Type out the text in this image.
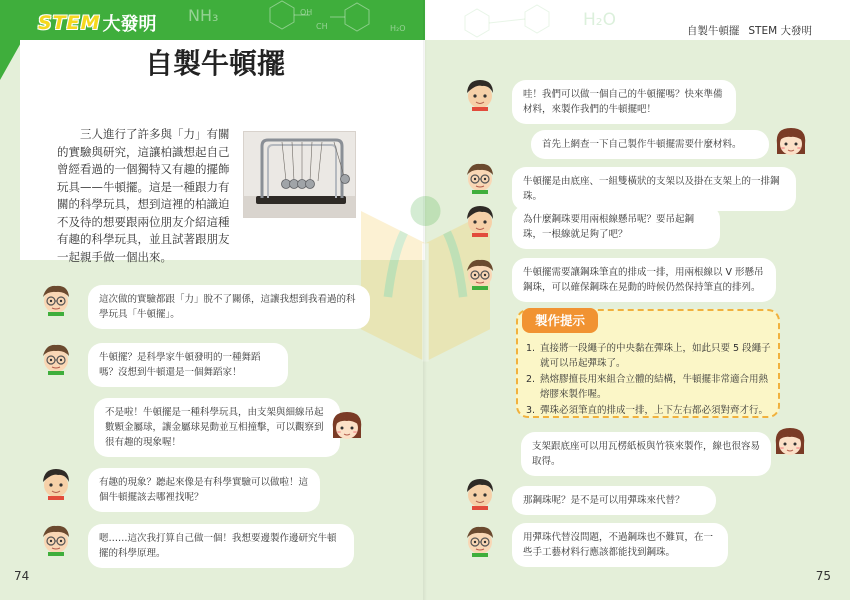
NH₃	OH
CH	H₂O
STEM 大發明
自製牛頓擺

三人進行了許多與「力」有關的實驗與研究，這讓柏識想起自己曾經看過的一個獨特又有趣的擺飾玩具——牛頓擺。這是一種跟力有關的科學玩具，想到這裡的柏識迫不及待的想要跟兩位朋友介紹這種有趣的科學玩具，並且試著跟朋友一起親手做一個出來。

74
H₂O
自製牛頓擺 STEM 大發明
75
這次做的實驗都跟「力」脫不了關係，這讓我想到我看過的科學玩具「牛頓擺」。
牛頓擺？是科學家牛頓發明的一種舞蹈嗎？沒想到牛頓還是一個舞蹈家！
不是啦！牛頓擺是一種科學玩具，由支架與細線吊起數顆金屬球，讓金屬球晃動並互相撞擊，可以觀察到很有趣的現象喔！
有趣的現象？聽起來像是有科學實驗可以做啦！這個牛頓擺該去哪裡找呢？
嗯……這次我打算自己做一個！我想要邊製作邊研究牛頓擺的科學原理。
哇！我們可以做一個自己的牛頓擺嗎？快來準備材料，來製作我們的牛頓擺吧！
首先上網查一下自己製作牛頓擺需要什麼材料。
牛頓擺是由底座、一組雙橫狀的支架以及掛在支架上的一排鋼珠。
為什麼鋼珠要用兩根線懸吊呢？要吊起鋼珠，一根線就足夠了吧？
牛頓擺需要讓鋼珠筆直的排成一排，用兩根線以 V 形懸吊鋼珠，可以確保鋼珠在晃動的時候仍然保持筆直的排列。
製作提示
1. 直接將一段繩子的中央黏在彈珠上，如此只要 5 段繩子就可以吊起彈珠了。
2. 熱熔膠擅長用來組合立體的結構，牛頓擺非常適合用熱熔膠來製作喔。
3. 彈珠必須筆直的排成一排，上下左右都必須對齊才行。
支架跟底座可以用瓦楞紙板與竹筷來製作，線也很容易取得。
那鋼珠呢？是不是可以用彈珠來代替？
用彈珠代替沒問題，不過鋼珠也不難買，在一些手工藝材料行應該都能找到鋼珠。
